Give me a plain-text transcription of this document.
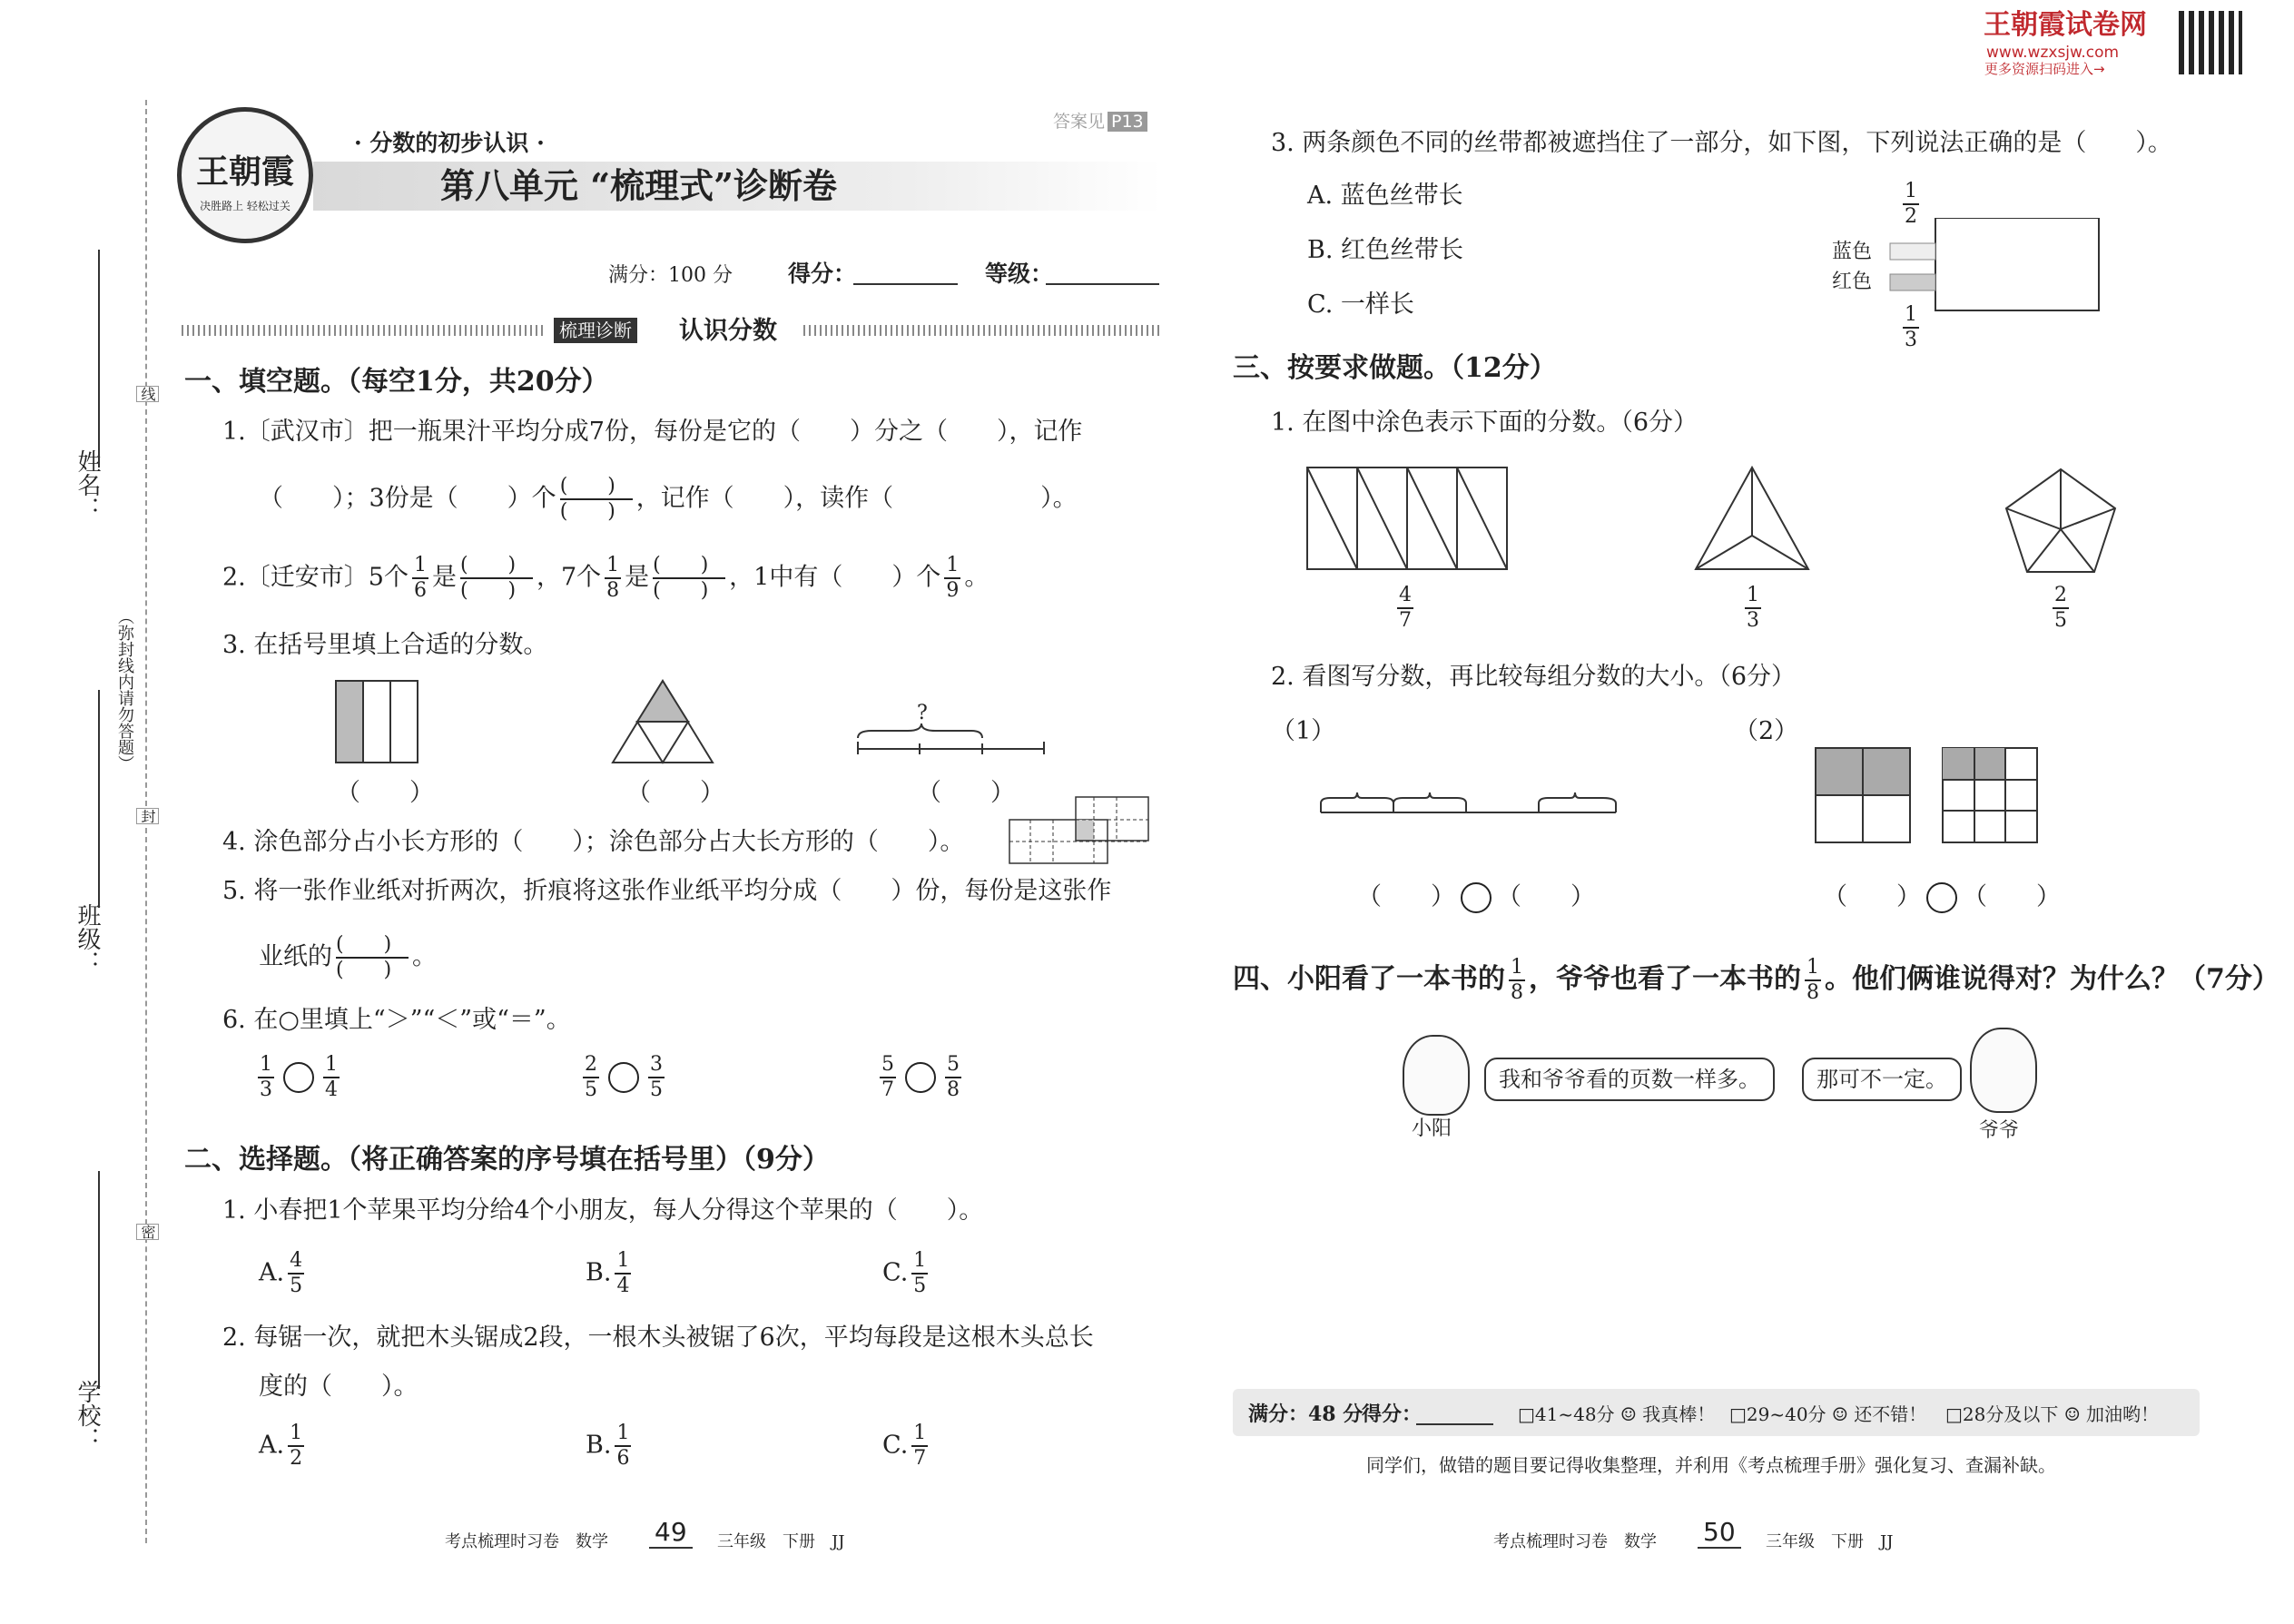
王朝霞试卷网
www.wzxsjw.com
更多资源扫码进入→
姓名：
班级：
学校：
（弥封线内请勿答题）
线
封
密
王朝霞
决胜路上 轻松过关
· 分数的初步认识 ·
第八单元 “梳理式”诊断卷
答案见 P13
满分：100 分 得分：	等级：
梳理诊断 认识分数
一、填空题。（每空1分，共20分）
1.〔武汉市〕把一瓶果汁平均分成7份，每份是它的（　　）分之（　　），记作
（　　）；3份是（　　）个 $\frac{( )}{( )}$ ，记作（　　），读作（　　　　　　）。
2.〔迁安市〕5个 $\frac{1}{6}$ 是 $\frac{( )}{( )}$ ，7个 $\frac{1}{8}$ 是 $\frac{( )}{( )}$ ，1中有（　　）个 $\frac{1}{9}$ 。
3. 在括号里填上合适的分数。
?
（　　）	（　　）	（　　）
4. 涂色部分占小长方形的（　　）；涂色部分占大长方形的（　　）。
5. 将一张作业纸对折两次，折痕将这张作业纸平均分成（　　）份，每份是这张作
业纸的 $\frac{( )}{( )}$ 。
6. 在○里填上“＞”“＜”或“＝”。
$\frac{1}{3} \frac{1}{4}$	$\frac{2}{5} \frac{3}{5}$	$\frac{5}{7} \frac{5}{8}$
二、选择题。（将正确答案的序号填在括号里）（9分）
1. 小春把1个苹果平均分给4个小朋友，每人分得这个苹果的（　　）。
A. $\frac{4}{5}$	B. $\frac{1}{4}$	C. $\frac{1}{5}$
2. 每锯一次，就把木头锯成2段，一根木头被锯了6次，平均每段是这根木头总长
度的（　　）。
A. $\frac{1}{2}$	B. $\frac{1}{6}$	C. $\frac{1}{7}$
考点梳理时习卷　数学 49	三年级　下册　JJ
3. 两条颜色不同的丝带都被遮挡住了一部分，如下图，下列说法正确的是（　　）。
A. 蓝色丝带长
B. 红色丝带长
C. 一样长
蓝色
红色
$\frac{1}{2}$
$\frac{1}{3}$
三、按要求做题。（12分）
1. 在图中涂色表示下面的分数。（6分）
$\frac{4}{7}$	$\frac{1}{3}$	$\frac{2}{5}$
2. 看图写分数，再比较每组分数的大小。（6分）
（1）	（2）
（　　） （　　）	（　　） （　　）
四、小阳看了一本书的 $\frac{1}{8}$ ，爷爷也看了一本书的 $\frac{1}{8}$ 。他们俩谁说得对？为什么？（7分）
小阳
我和爷爷看的页数一样多。	那可不一定。
爷爷
满分：48 分
得分：	□41~48分 ☺ 我真棒！ □29~40分 ☺ 还不错！ □28分及以下 ☺ 加油哟！
同学们，做错的题目要记得收集整理，并利用《考点梳理手册》强化复习、查漏补缺。
考点梳理时习卷　数学 50	三年级　下册　JJ
